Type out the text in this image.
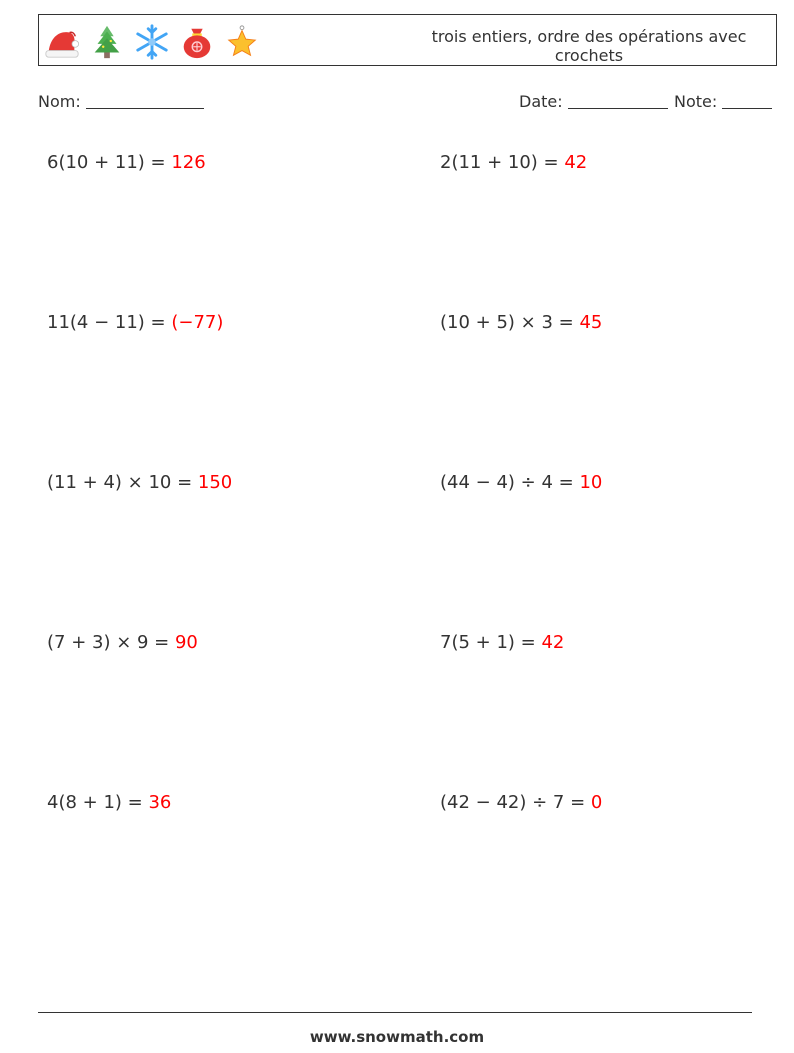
trois entiers, ordre des opérations avec crochets
Nom:	Date:	Note:
6(10 + 11) = 126	2(11 + 10) = 42
11(4 − 11) = (−77)	(10 + 5) × 3 = 45
(11 + 4) × 10 = 150	(44 − 4) ÷ 4 = 10
(7 + 3) × 9 = 90	7(5 + 1) = 42
4(8 + 1) = 36	(42 − 42) ÷ 7 = 0
www.snowmath.com
